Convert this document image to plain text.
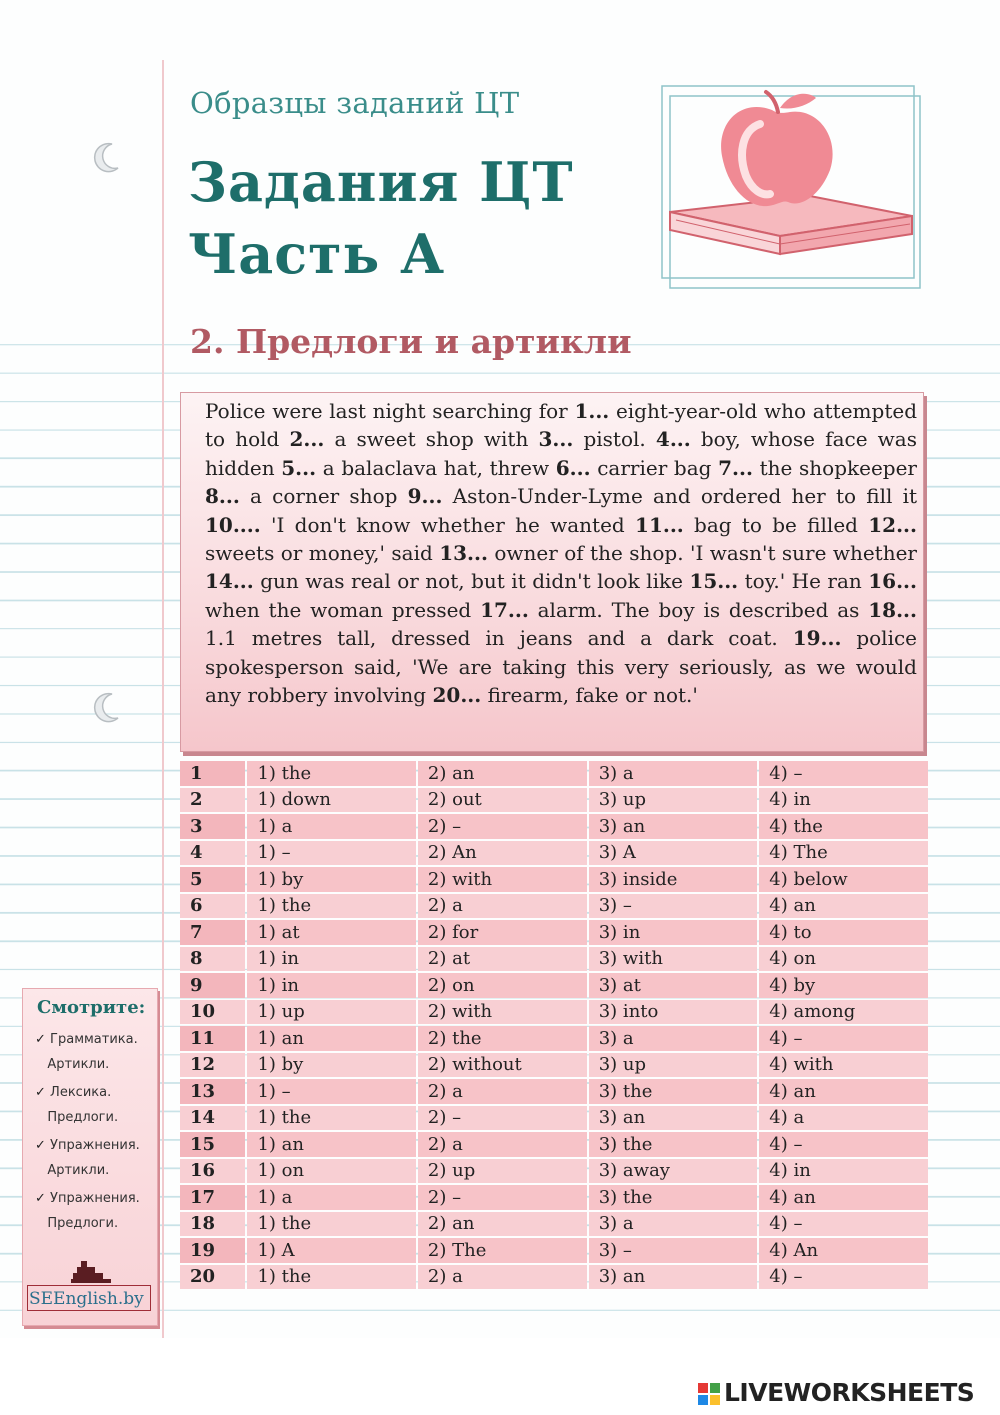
Образцы заданий ЦТ
Задания ЦТ
Часть А
2. Предлоги и артикли
Police were last night searching for 1... eight-year-old who attempted to hold 2... a sweet shop with 3... pistol. 4... boy, whose face was hidden 5... a balaclava hat, threw 6... carrier bag 7... the shopkeeper 8... a corner shop 9... Aston-Under-Lyme and ordered her to fill it 10.... 'I don't know whether he wanted 11... bag to be filled 12... sweets or money,' said 13... owner of the shop. 'I wasn't sure whether 14... gun was real or not, but it didn't look like 15... toy.' He ran 16... when the woman pressed 17... alarm. The boy is described as 18... 1.1 metres tall, dressed in jeans and a dark coat. 19... police spokesperson said, 'We are taking this very seriously, as we would any robbery involving 20... firearm, fake or not.'
1	1) the	2) an	3) a	4) –
2	1) down	2) out	3) up	4) in
3	1) a	2) –	3) an	4) the
4	1) –	2) An	3) A	4) The
5	1) by	2) with	3) inside	4) below
6	1) the	2) a	3) –	4) an
7	1) at	2) for	3) in	4) to
8	1) in	2) at	3) with	4) on
9	1) in	2) on	3) at	4) by
10	1) up	2) with	3) into	4) among
11	1) an	2) the	3) a	4) –
12	1) by	2) without	3) up	4) with
13	1) –	2) a	3) the	4) an
14	1) the	2) –	3) an	4) a
15	1) an	2) a	3) the	4) –
16	1) on	2) up	3) away	4) in
17	1) a	2) –	3) the	4) an
18	1) the	2) an	3) a	4) –
19	1) A	2) The	3) –	4) An
20	1) the	2) a	3) an	4) –
Смотрите:
✓ Грамматика.
Артикли.
✓ Лексика.
Предлоги.
✓ Упражнения.
Артикли.
✓ Упражнения.
Предлоги.
SEEnglish.by
LIVEWORKSHEETS
